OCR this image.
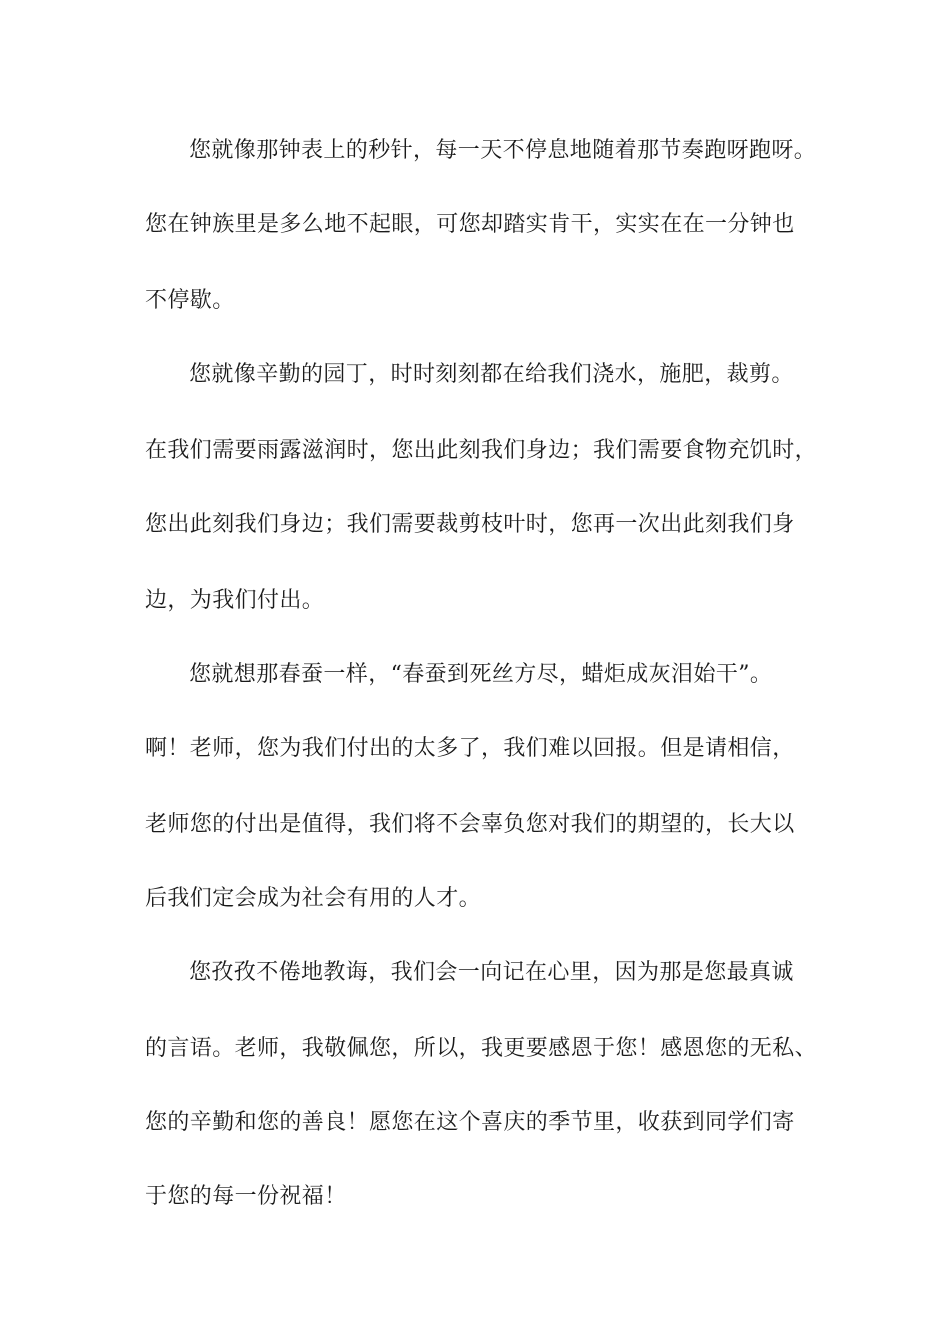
您就像那钟表上的秒针，每一天不停息地随着那节奏跑呀跑呀。
您在钟族里是多么地不起眼，可您却踏实肯干，实实在在一分钟也
不停歇。
您就像辛勤的园丁，时时刻刻都在给我们浇水，施肥，裁剪。
在我们需要雨露滋润时，您出此刻我们身边；我们需要食物充饥时，
您出此刻我们身边；我们需要裁剪枝叶时，您再一次出此刻我们身
边，为我们付出。
您就想那春蚕一样，“春蚕到死丝方尽，蜡炬成灰泪始干”。
啊！老师，您为我们付出的太多了，我们难以回报。但是请相信，
老师您的付出是值得，我们将不会辜负您对我们的期望的，长大以
后我们定会成为社会有用的人才。
您孜孜不倦地教诲，我们会一向记在心里，因为那是您最真诚
的言语。老师，我敬佩您，所以，我更要感恩于您！感恩您的无私、
您的辛勤和您的善良！愿您在这个喜庆的季节里，收获到同学们寄
于您的每一份祝福！
